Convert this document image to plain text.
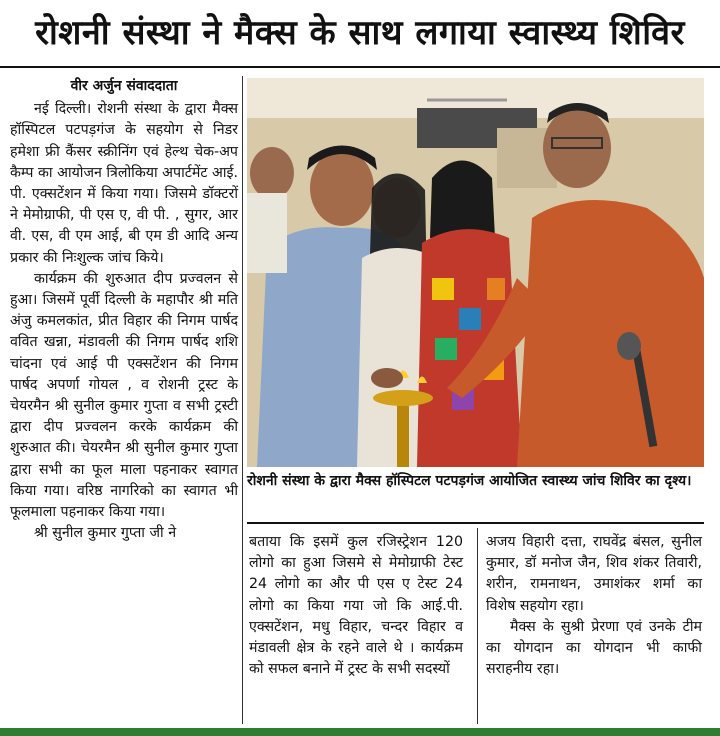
रोशनी संस्था ने मैक्स के साथ लगाया स्वास्थ्य शिविर
वीर अर्जुन संवाददाता

नई दिल्ली। रोशनी संस्था के द्वारा मैक्स हॉस्पिटल पटपड़गंज के सहयोग से निडर हमेशा फ्री कैंसर स्क्रीनिंग एवं हेल्थ चेक-अप कैम्प का आयोजन त्रिलोकिया अपार्टमेंट आई. पी. एक्सटेंशन में किया गया। जिसमे डॉक्टरों ने मेमोग्राफी, पी एस ए, वी पी. , सुगर, आर वी. एस, वी एम आई, बी एम डी आदि अन्य प्रकार की निःशुल्क जांच किये।

कार्यक्रम की शुरुआत दीप प्रज्वलन से हुआ। जिसमें पूर्वी दिल्ली के महापौर श्री मति अंजु कमलकांत, प्रीत विहार की निगम पार्षद ववित खन्ना, मंडावली की निगम पार्षद शशि चांदना एवं आई पी एक्सटेंशन की निगम पार्षद अपर्णा गोयल , व रोशनी ट्रस्ट के चेयरमैन श्री सुनील कुमार गुप्ता व सभी ट्रस्टी द्वारा दीप प्रज्वलन करके कार्यक्रम की शुरुआत की। चेयरमैन श्री सुनील कुमार गुप्ता द्वारा सभी का फूल माला पहनाकर स्वागत किया गया। वरिष्ठ नागरिको का स्वागत भी फूलमाला पहनाकर किया गया।

श्री सुनील कुमार गुप्ता जी ने

रोशनी संस्था के द्वारा मैक्स हॉस्पिटल पटपड़गंज आयोजित स्वास्थ्य जांच शिविर का दृश्य।

बताया कि इसमें कुल रजिस्ट्रेशन 120 लोगो का हुआ जिसमे से मेमोग्राफी टेस्ट 24 लोगो का और पी एस ए टेस्ट 24 लोगो का किया गया जो कि आई.पी. एक्सटेंशन, मधु विहार, चन्दर विहार व मंडावली क्षेत्र के रहने वाले थे । कार्यक्रम को सफल बनाने में ट्रस्ट के सभी सदस्यों

अजय विहारी दत्ता, राघवेंद्र बंसल, सुनील कुमार, डॉ मनोज जैन, शिव शंकर तिवारी, शरीन, रामनाथन, उमाशंकर शर्मा का विशेष सहयोग रहा।

मैक्स के सुश्री प्रेरणा एवं उनके टीम का योगदान का योगदान भी काफी सराहनीय रहा।
